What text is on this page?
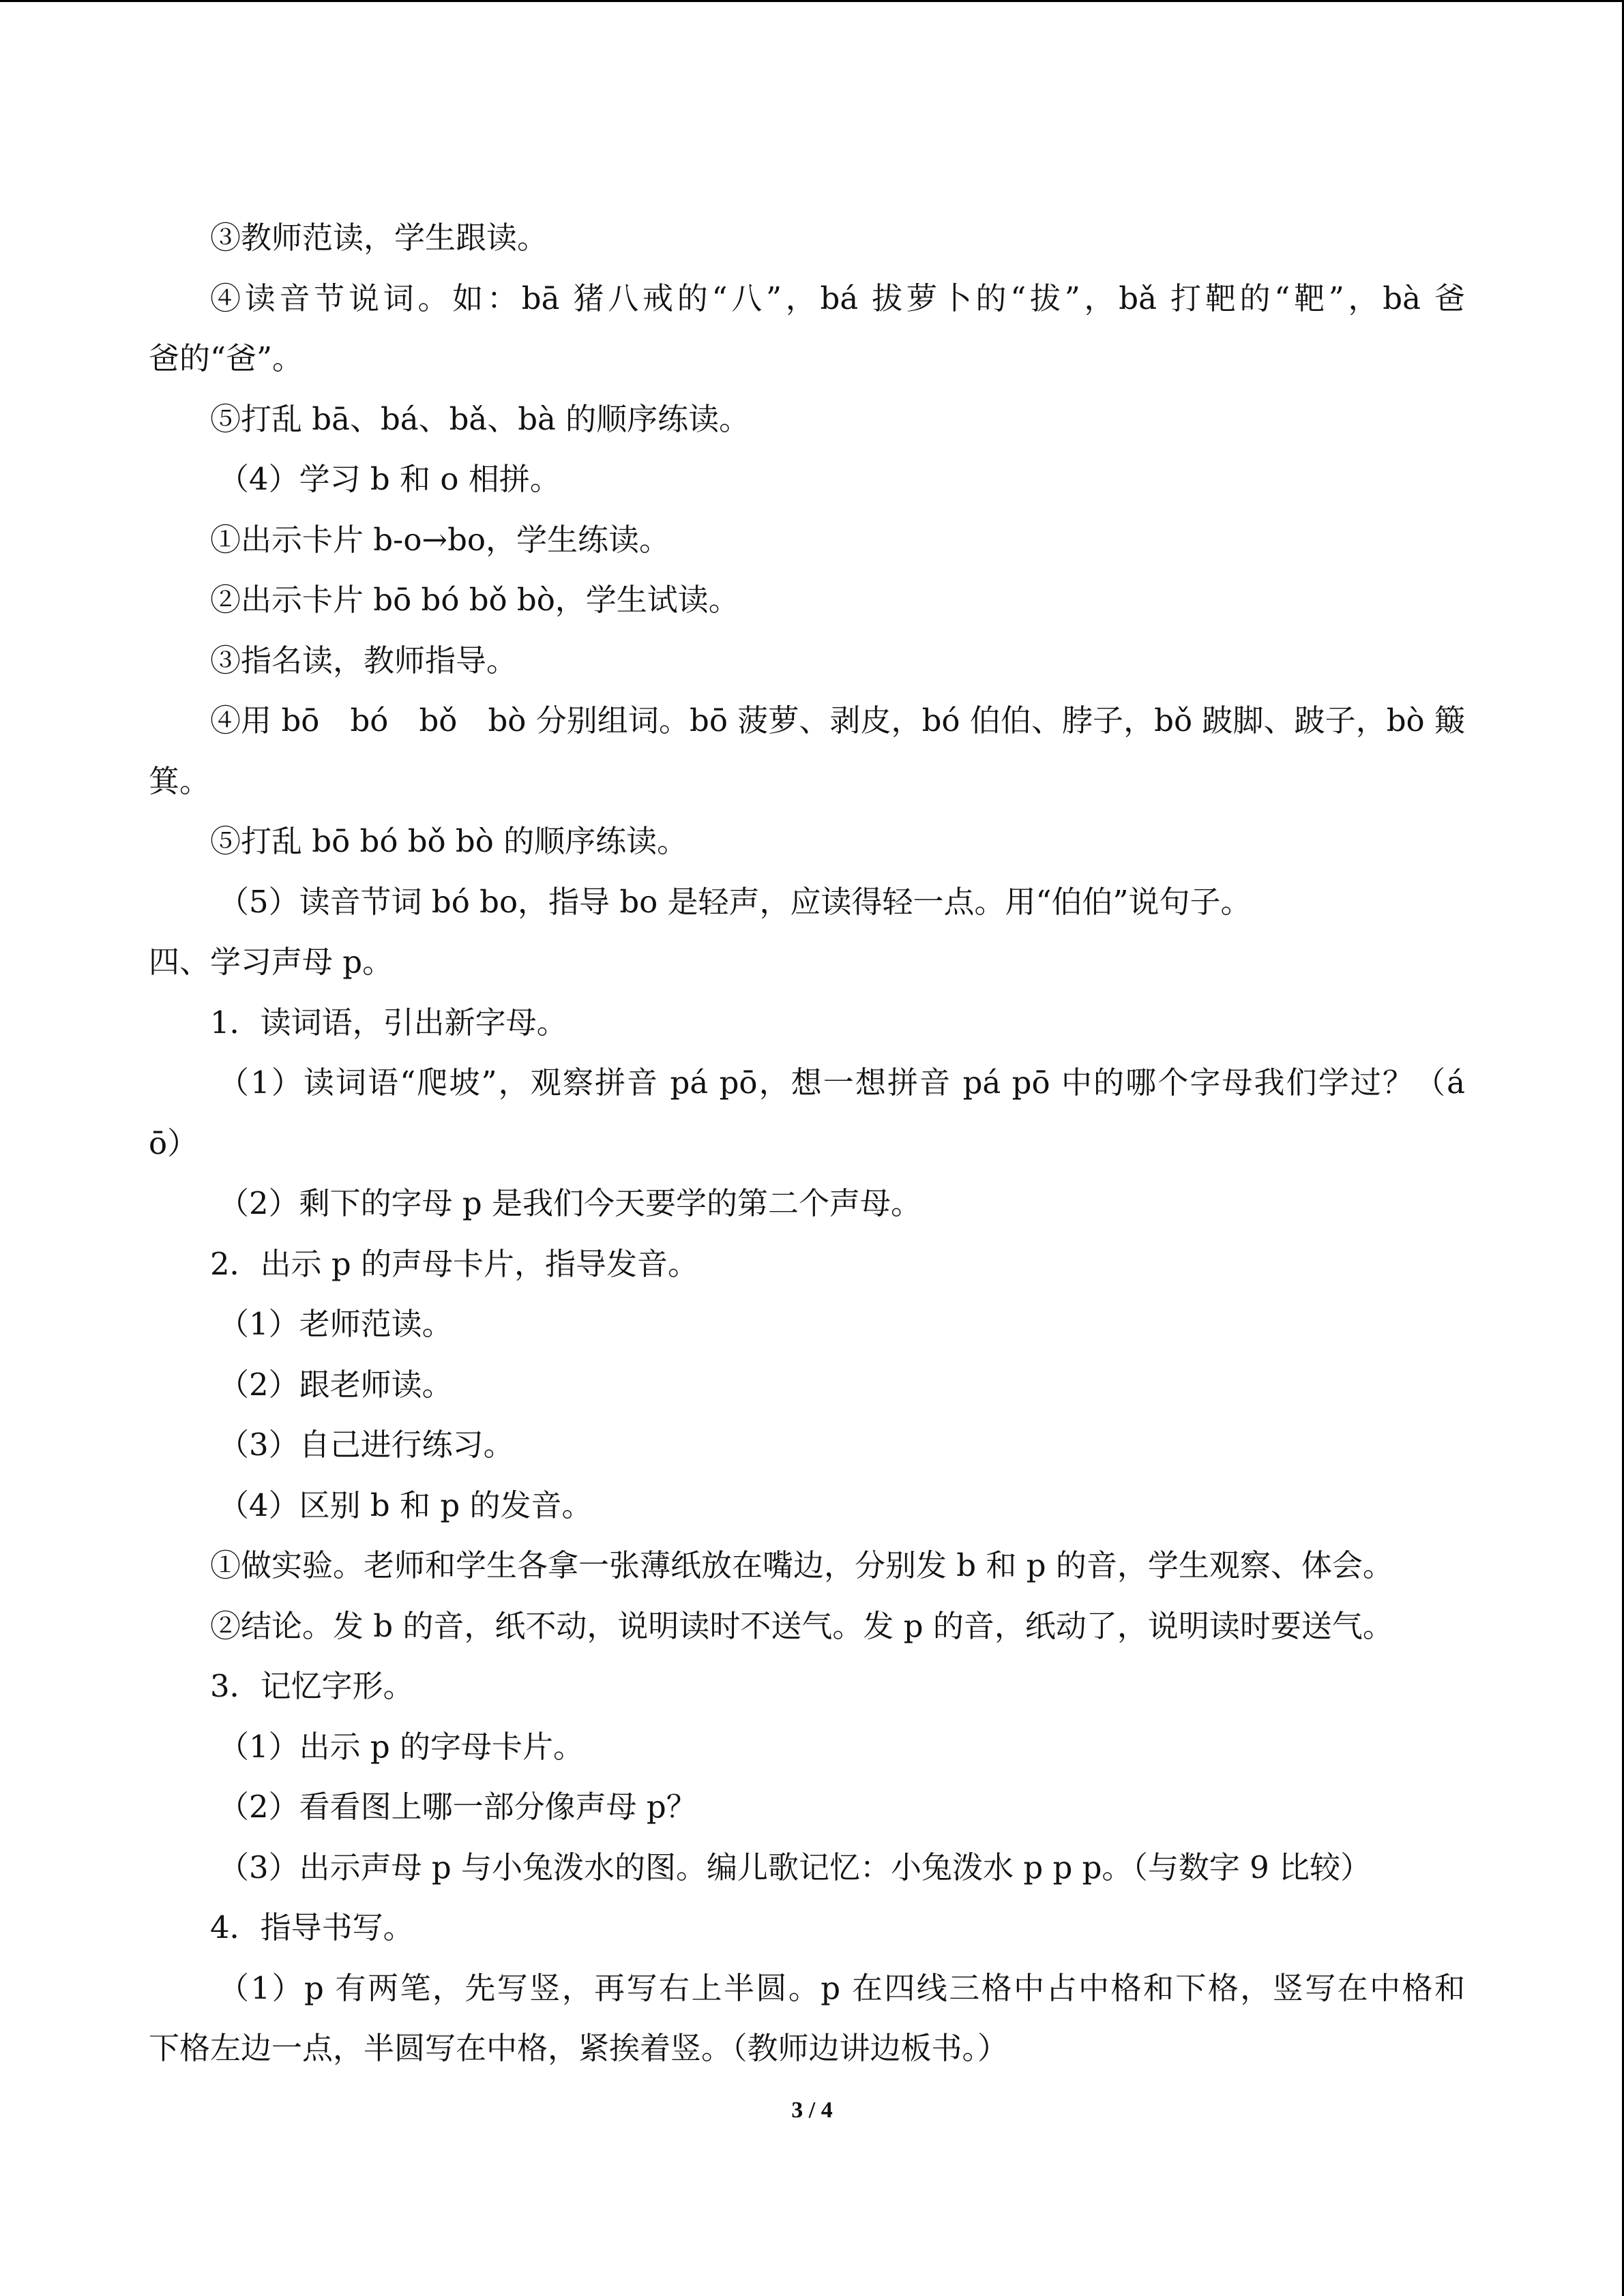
③教师范读，学生跟读。

④读音节说词。如：bā 猪八戒的“八”，bá 拔萝卜的“拔”，bǎ 打靶的“靶”，bà 爸

爸的“爸”。

⑤打乱 bā、bá、bǎ、bà 的顺序练读。

（4）学习 b 和 o 相拼。

①出示卡片 b-o→bo，学生练读。

②出示卡片 bō bó bǒ bò，学生试读。

③指名读，教师指导。

④用 bō　bó　bǒ　bò 分别组词。bō 菠萝、剥皮，bó 伯伯、脖子，bǒ 跛脚、跛子，bò 簸

箕。

⑤打乱 bō bó bǒ bò 的顺序练读。

（5）读音节词 bó bo，指导 bo 是轻声，应读得轻一点。用“伯伯”说句子。

四、学习声母 p。

1．读词语，引出新字母。

（1）读词语“爬坡”，观察拼音 pá pō，想一想拼音 pá pō 中的哪个字母我们学过？（á

ō）

（2）剩下的字母 p 是我们今天要学的第二个声母。

2．出示 p 的声母卡片，指导发音。

（1）老师范读。

（2）跟老师读。

（3）自己进行练习。

（4）区别 b 和 p 的发音。

①做实验。老师和学生各拿一张薄纸放在嘴边，分别发 b 和 p 的音，学生观察、体会。

②结论。发 b 的音，纸不动，说明读时不送气。发 p 的音，纸动了，说明读时要送气。

3．记忆字形。

（1）出示 p 的字母卡片。

（2）看看图上哪一部分像声母 p？

（3）出示声母 p 与小兔泼水的图。编儿歌记忆：小兔泼水 p p p。（与数字 9 比较）

4．指导书写。

（1）p 有两笔，先写竖，再写右上半圆。p 在四线三格中占中格和下格，竖写在中格和

下格左边一点，半圆写在中格，紧挨着竖。（教师边讲边板书。）

3 / 4
